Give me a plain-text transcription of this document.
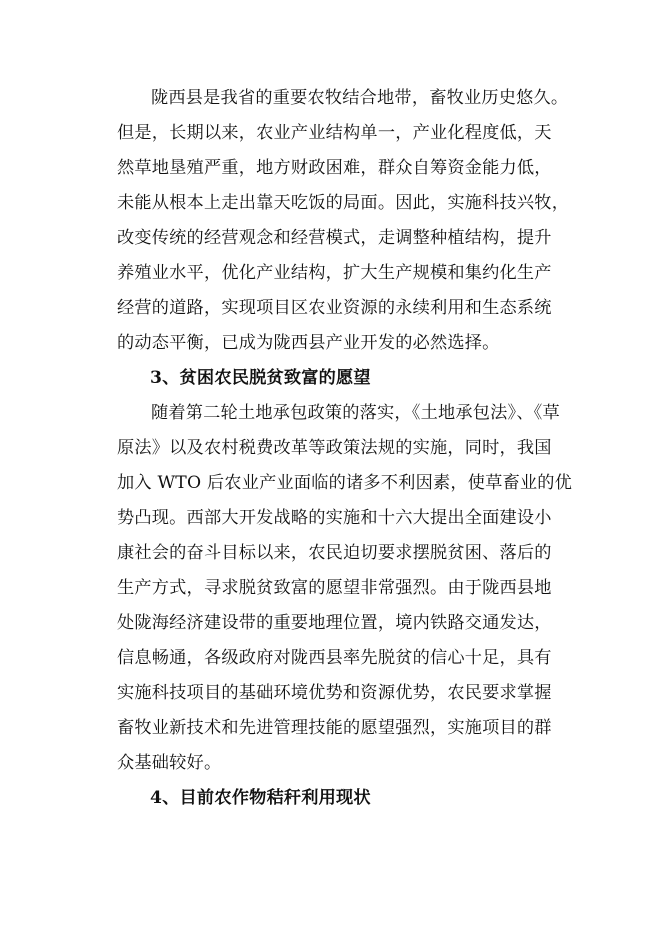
陇西县是我省的重要农牧结合地带，畜牧业历史悠久。
但是，长期以来，农业产业结构单一，产业化程度低，天
然草地垦殖严重，地方财政困难，群众自筹资金能力低，
未能从根本上走出靠天吃饭的局面。因此，实施科技兴牧，
改变传统的经营观念和经营模式，走调整种植结构，提升
养殖业水平，优化产业结构，扩大生产规模和集约化生产
经营的道路，实现项目区农业资源的永续利用和生态系统
的动态平衡，已成为陇西县产业开发的必然选择。
3、贫困农民脱贫致富的愿望
随着第二轮土地承包政策的落实，《土地承包法》、《草
原法》以及农村税费改革等政策法规的实施，同时，我国
加入 WTO 后农业产业面临的诸多不利因素，使草畜业的优
势凸现。西部大开发战略的实施和十六大提出全面建设小
康社会的奋斗目标以来，农民迫切要求摆脱贫困、落后的
生产方式，寻求脱贫致富的愿望非常强烈。由于陇西县地
处陇海经济建设带的重要地理位置，境内铁路交通发达，
信息畅通，各级政府对陇西县率先脱贫的信心十足，具有
实施科技项目的基础环境优势和资源优势，农民要求掌握
畜牧业新技术和先进管理技能的愿望强烈，实施项目的群
众基础较好。
4、目前农作物秸秆利用现状
